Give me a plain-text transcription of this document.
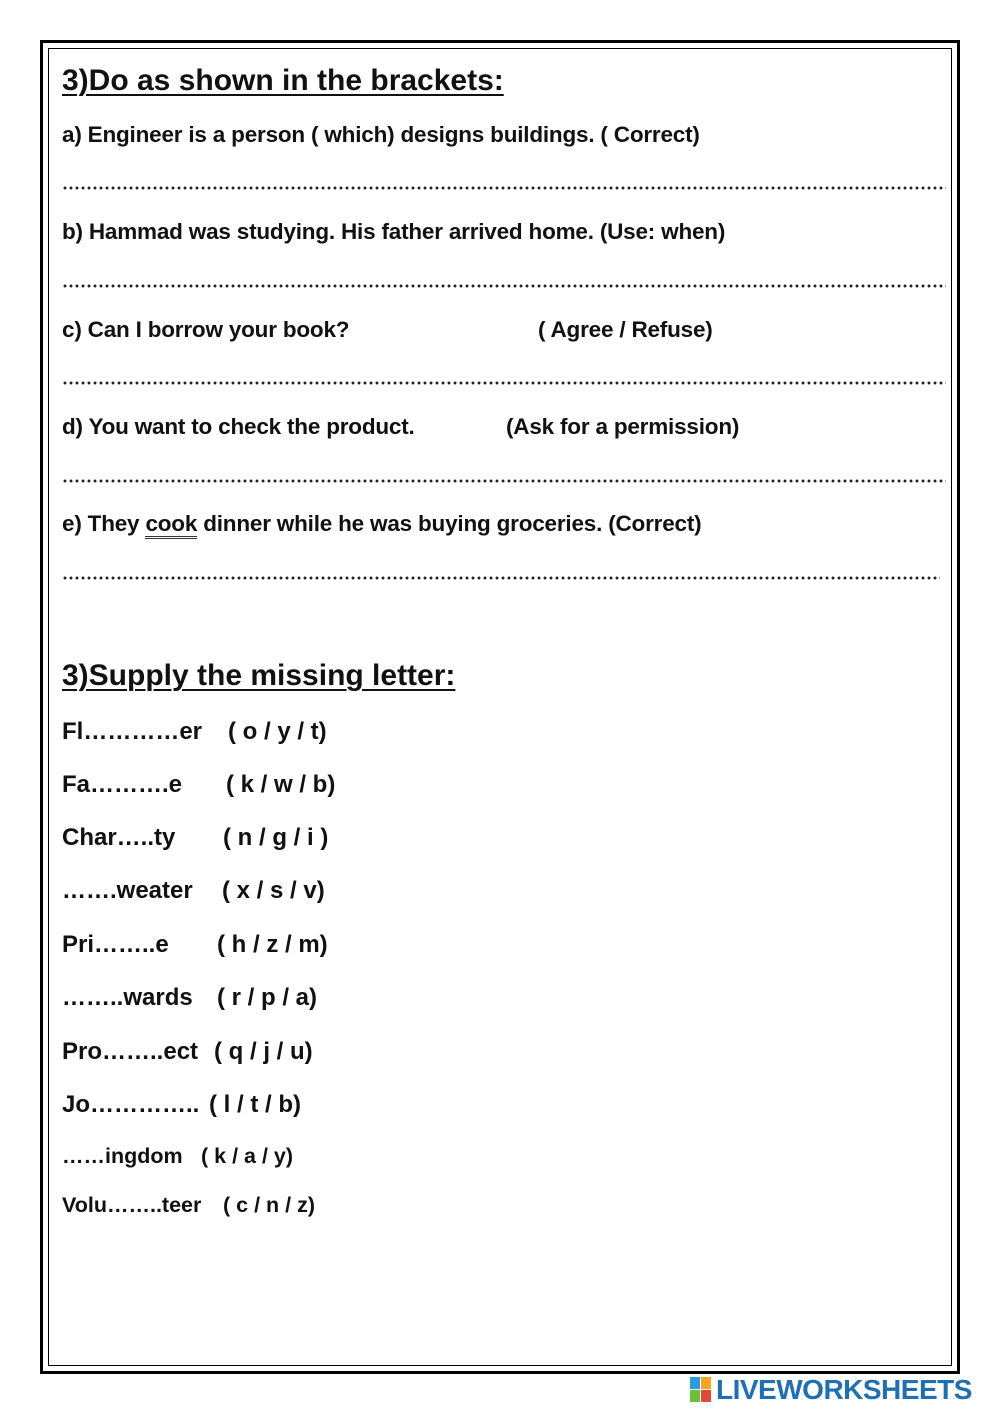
3)Do as shown in the brackets:
a) Engineer is a person ( which) designs buildings. ( Correct)
b) Hammad was studying. His father arrived home. (Use: when)
c) Can I borrow your book?	( Agree / Refuse)
d) You want to check the product.	(Ask for a permission)
e) They cook dinner while he was buying groceries. (Correct)
3)Supply the missing letter:
Fl…………er ( o / y / t)
Fa……….e ( k / w / b)
Char…..ty ( n / g / i )
…….weater ( x / s / v)
Pri……..e ( h / z / m)
……..wards ( r / p / a)
Pro……..ect ( q / j / u)
Jo………….. ( l / t / b)
……ingdom ( k / a / y)
Volu……..teer ( c / n / z)
LIVEWORKSHEETS
